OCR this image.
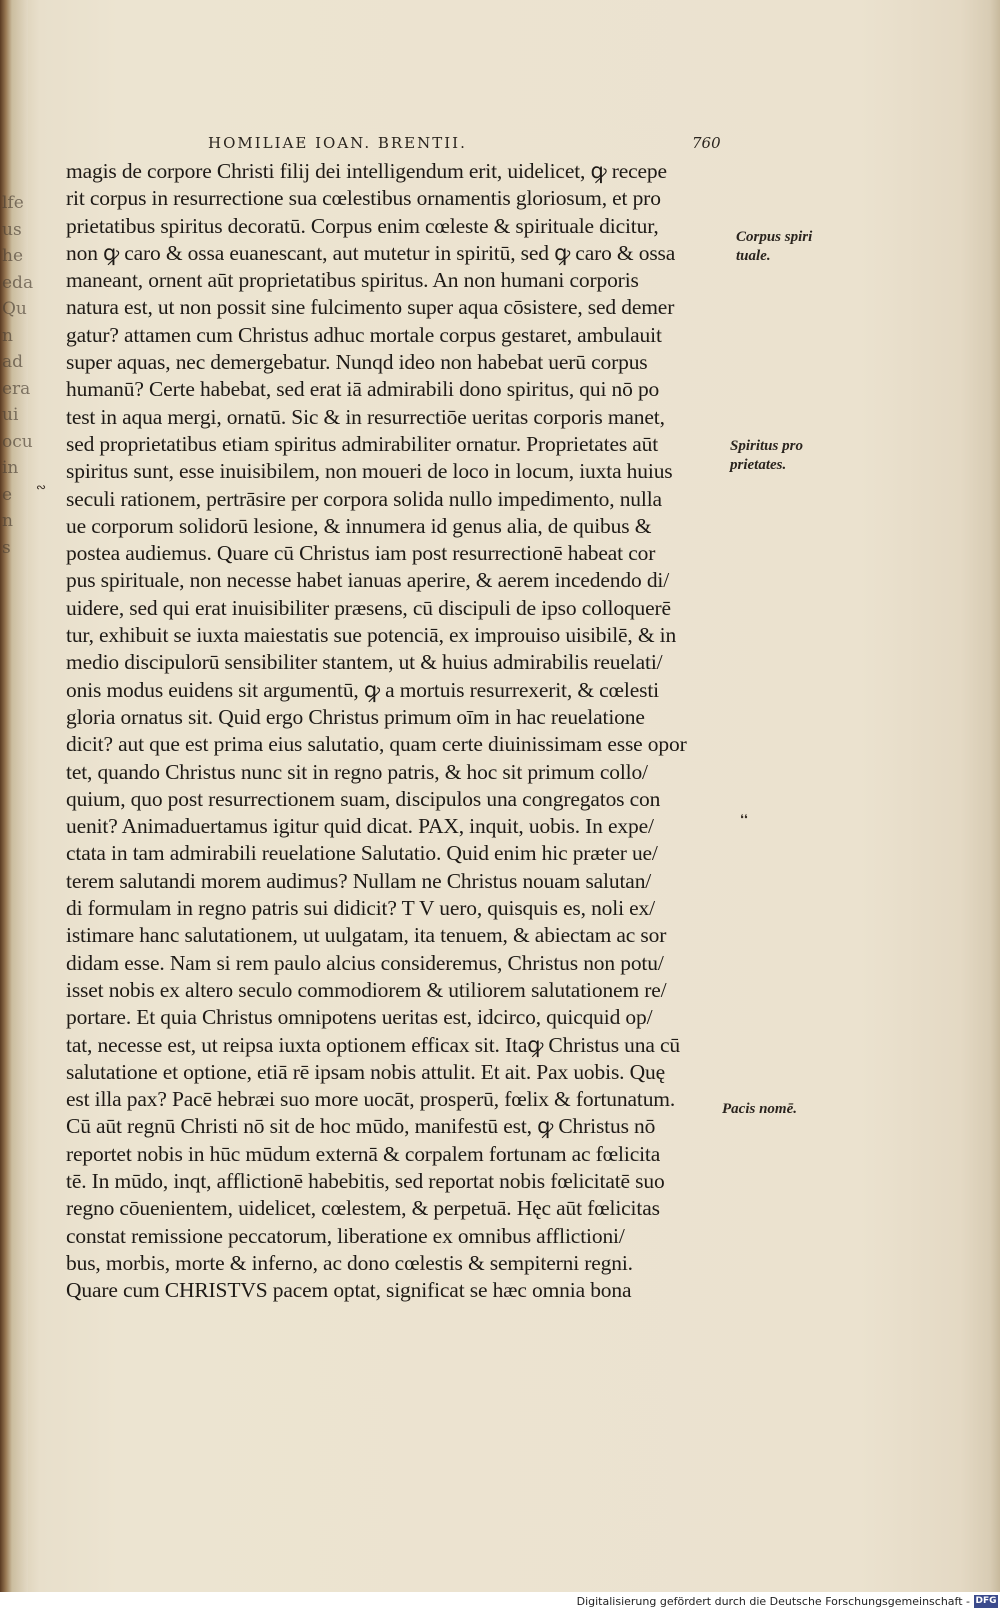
lfe
us
he
eda
Qu
n
ad
era
ui
ocu
in
e
n
s
HOMILIAE IOAN. BRENTII.	760
magis de corpore Christi filij dei intelligendum erit, uidelicet, ꝙ recepe
rit corpus in resurrectione sua cœlestibus ornamentis gloriosum, et pro
prietatibus spiritus decoratū. Corpus enim cœleste & spirituale dicitur,
non ꝙ caro & ossa euanescant, aut mutetur in spiritū, sed ꝙ caro & ossa
maneant, ornent aūt proprietatibus spiritus. An non humani corporis
natura est, ut non possit sine fulcimento super aqua cōsistere, sed demer
gatur? attamen cum Christus adhuc mortale corpus gestaret, ambulauit
super aquas, nec demergebatur. Nunqd ideo non habebat uerū corpus
humanū? Certe habebat, sed erat iā admirabili dono spiritus, qui nō po
test in aqua mergi, ornatū. Sic & in resurrectiōe ueritas corporis manet,
sed proprietatibus etiam spiritus admirabiliter ornatur. Proprietates aūt
spiritus sunt, esse inuisibilem, non moueri de loco in locum, iuxta huius
seculi rationem, pertrāsire per corpora solida nullo impedimento, nulla
ue corporum solidorū lesione, & innumera id genus alia, de quibus &
postea audiemus. Quare cū Christus iam post resurrectionē habeat cor
pus spirituale, non necesse habet ianuas aperire, & aerem incedendo di/
uidere, sed qui erat inuisibiliter præsens, cū discipuli de ipso colloquerē
tur, exhibuit se iuxta maiestatis sue potenciā, ex improuiso uisibilē, & in
medio discipulorū sensibiliter stantem, ut & huius admirabilis reuelati/
onis modus euidens sit argumentū, ꝙ a mortuis resurrexerit, & cœlesti
gloria ornatus sit. Quid ergo Christus primum oīm in hac reuelatione
dicit? aut que est prima eius salutatio, quam certe diuinissimam esse opor
tet, quando Christus nunc sit in regno patris, & hoc sit primum collo/
quium, quo post resurrectionem suam, discipulos una congregatos con
uenit? Animaduertamus igitur quid dicat. PAX, inquit, uobis. In expe/
ctata in tam admirabili reuelatione Salutatio. Quid enim hic præter ue/
terem salutandi morem audimus? Nullam ne Christus nouam salutan/
di formulam in regno patris sui didicit? T V uero, quisquis es, noli ex/
istimare hanc salutationem, ut uulgatam, ita tenuem, & abiectam ac sor
didam esse. Nam si rem paulo alcius consideremus, Christus non potu/
isset nobis ex altero seculo commodiorem & utiliorem salutationem re/
portare. Et quia Christus omnipotens ueritas est, idcirco, quicquid op/
tat, necesse est, ut reipsa iuxta optionem efficax sit. Itaꝙ Christus una cū
salutatione et optione, etiā rē ipsam nobis attulit. Et ait. Pax uobis. Quę
est illa pax? Pacē hebræi suo more uocāt, prosperū, fœlix & fortunatum.
Cū aūt regnū Christi nō sit de hoc mūdo, manifestū est, ꝙ Christus nō
reportet nobis in hūc mūdum externā & corpalem fortunam ac fœlicita
tē. In mūdo, inqt, afflictionē habebitis, sed reportat nobis fœlicitatē suo
regno cōuenientem, uidelicet, cœlestem, & perpetuā. Hęc aūt fœlicitas
constat remissione peccatorum, liberatione ex omnibus afflictioni/
bus, morbis, morte & inferno, ac dono cœlestis & sempiterni regni.
Quare cum CHRISTVS pacem optat, significat se hæc omnia bona
Corpus spiri
tuale.
Spiritus pro
prietates.
Pacis nomē.
∾
❛❛
Digitalisierung gefördert durch die Deutsche Forschungsgemeinschaft - DFG
